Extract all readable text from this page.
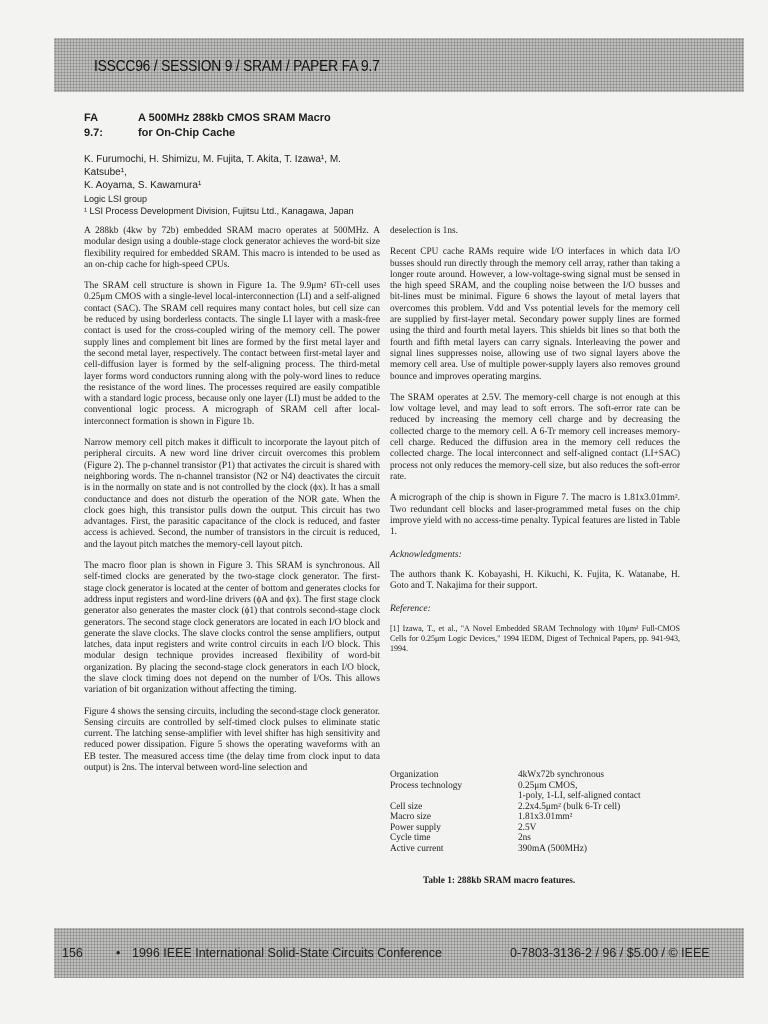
ISSCC96 / SESSION 9 / SRAM / PAPER FA 9.7
FA 9.7:
A 500MHz 288kb CMOS SRAM Macro
for On-Chip Cache
K. Furumochi, H. Shimizu, M. Fujita, T. Akita, T. Izawa¹, M. Katsube¹,
K. Aoyama, S. Kawamura¹
Logic LSI group
¹ LSI Process Development Division, Fujitsu Ltd., Kanagawa, Japan

A 288kb (4kw by 72b) embedded SRAM macro operates at 500MHz. A modular design using a double-stage clock generator achieves the word-bit size flexibility required for embedded SRAM. This macro is intended to be used as an on-chip cache for high-speed CPUs.

The SRAM cell structure is shown in Figure 1a. The 9.9μm² 6Tr-cell uses 0.25μm CMOS with a single-level local-interconnection (LI) and a self-aligned contact (SAC). The SRAM cell requires many contact holes, but cell size can be reduced by using borderless contacts. The single LI layer with a mask-free contact is used for the cross-coupled wiring of the memory cell. The power supply lines and complement bit lines are formed by the first metal layer and the second metal layer, respectively. The contact between first-metal layer and cell-diffusion layer is formed by the self-aligning process. The third-metal layer forms word conductors running along with the poly-word lines to reduce the resistance of the word lines. The processes required are easily compatible with a standard logic process, because only one layer (LI) must be added to the conventional logic process. A micrograph of SRAM cell after local-interconnect formation is shown in Figure 1b.

Narrow memory cell pitch makes it difficult to incorporate the layout pitch of peripheral circuits. A new word line driver circuit overcomes this problem (Figure 2). The p-channel transistor (P1) that activates the circuit is shared with neighboring words. The n-channel transistor (N2 or N4) deactivates the circuit is in the normally on state and is not controlled by the clock (ϕx). It has a small conductance and does not disturb the operation of the NOR gate. When the clock goes high, this transistor pulls down the output. This circuit has two advantages. First, the parasitic capacitance of the clock is reduced, and faster access is achieved. Second, the number of transistors in the circuit is reduced, and the layout pitch matches the memory-cell layout pitch.

The macro floor plan is shown in Figure 3. This SRAM is synchronous. All self-timed clocks are generated by the two-stage clock generator. The first-stage clock generator is located at the center of bottom and generates clocks for address input registers and word-line drivers (ϕA and ϕx). The first stage clock generator also generates the master clock (ϕ1) that controls second-stage clock generators. The second stage clock generators are located in each I/O block and generate the slave clocks. The slave clocks control the sense amplifiers, output latches, data input registers and write control circuits in each I/O block. This modular design technique provides increased flexibility of word-bit organization. By placing the second-stage clock generators in each I/O block, the slave clock timing does not depend on the number of I/Os. This allows variation of bit organization without affecting the timing.

Figure 4 shows the sensing circuits, including the second-stage clock generator. Sensing circuits are controlled by self-timed clock pulses to eliminate static current. The latching sense-amplifier with level shifter has high sensitivity and reduced power dissipation. Figure 5 shows the operating waveforms with an EB tester. The measured access time (the delay time from clock input to data output) is 2ns. The interval between word-line selection and

deselection is 1ns.

Recent CPU cache RAMs require wide I/O interfaces in which data I/O busses should run directly through the memory cell array, rather than taking a longer route around. However, a low-voltage-swing signal must be sensed in the high speed SRAM, and the coupling noise between the I/O busses and bit-lines must be minimal. Figure 6 shows the layout of metal layers that overcomes this problem. Vdd and Vss potential levels for the memory cell are supplied by first-layer metal. Secondary power supply lines are formed using the third and fourth metal layers. This shields bit lines so that both the fourth and fifth metal layers can carry signals. Interleaving the power and signal lines suppresses noise, allowing use of two signal layers above the memory cell area. Use of multiple power-supply layers also removes ground bounce and improves operating margins.

The SRAM operates at 2.5V. The memory-cell charge is not enough at this low voltage level, and may lead to soft errors. The soft-error rate can be reduced by increasing the memory cell charge and by decreasing the collected charge to the memory cell. A 6-Tr memory cell increases memory-cell charge. Reduced the diffusion area in the memory cell reduces the collected charge. The local interconnect and self-aligned contact (LI+SAC) process not only reduces the memory-cell size, but also reduces the soft-error rate.

A micrograph of the chip is shown in Figure 7. The macro is 1.81x3.01mm². Two redundant cell blocks and laser-programmed metal fuses on the chip improve yield with no access-time penalty. Typical features are listed in Table 1.

Acknowledgments:

The authors thank K. Kobayashi, H. Kikuchi, K. Fujita, K. Watanabe, H. Goto and T. Nakajima for their support.

Reference:

[1] Izawa, T., et al., "A Novel Embedded SRAM Technology with 10μm² Full-CMOS Cells for 0.25μm Logic Devices," 1994 IEDM, Digest of Technical Papers, pp. 941-943, 1994.

Organization	4kWx72b synchronous
Process technology	0.25μm CMOS,
1-poly, 1-LI, self-aligned contact
Cell size	2.2x4.5μm² (bulk 6-Tr cell)
Macro size	1.81x3.01mm²
Power supply	2.5V
Cycle time	2ns
Active current	390mA (500MHz)
Table 1: 288kb SRAM macro features.
156	• 1996 IEEE International Solid-State Circuits Conference	0-7803-3136-2 / 96 / $5.00 / © IEEE
